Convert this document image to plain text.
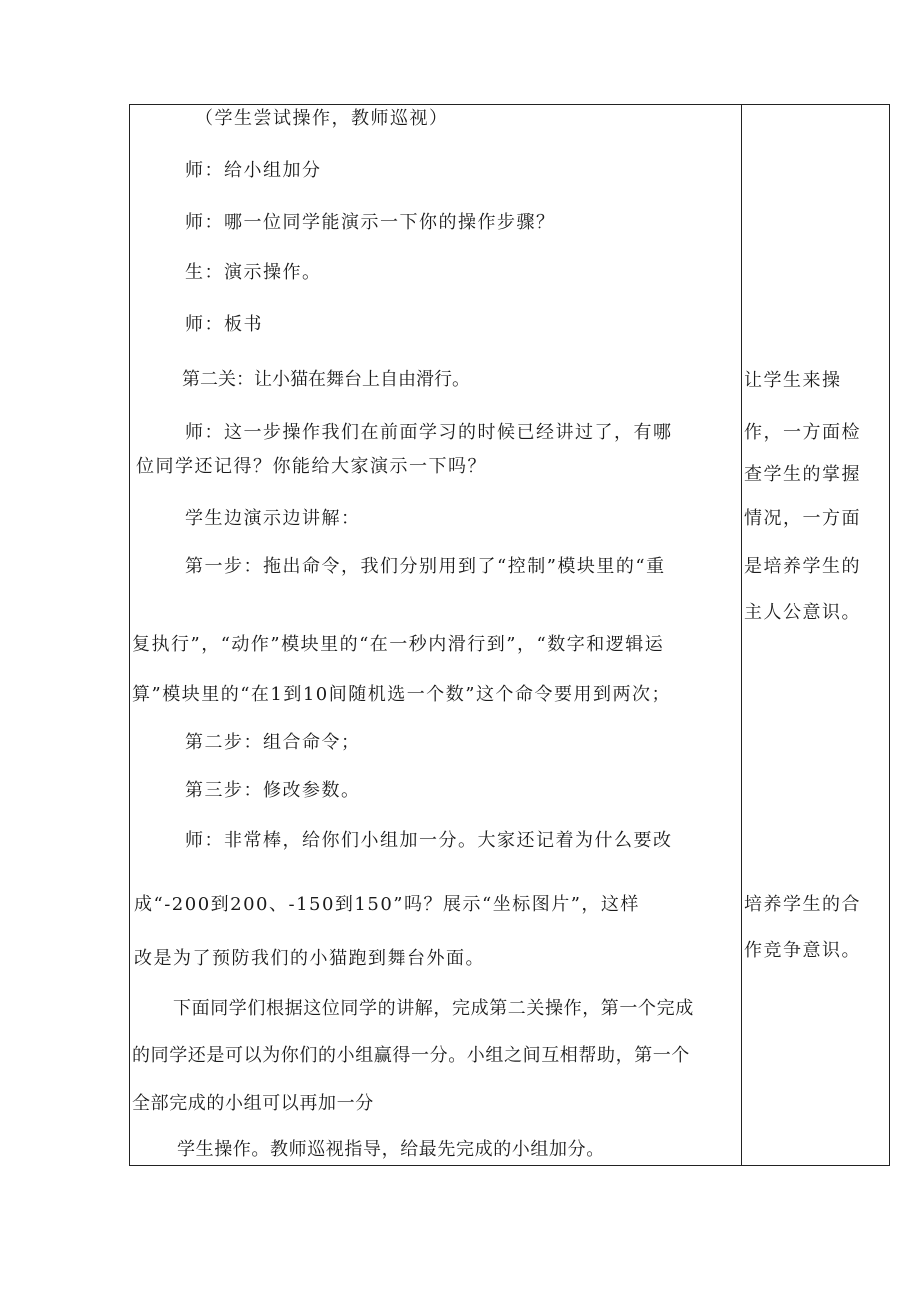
（学生尝试操作，教师巡视）
师：给小组加分
师：哪一位同学能演示一下你的操作步骤？
生：演示操作。
师：板书
第二关：让小猫在舞台上自由滑行。
师：这一步操作我们在前面学习的时候已经讲过了，有哪
位同学还记得？你能给大家演示一下吗？
学生边演示边讲解：
第一步：拖出命令，我们分别用到了“控制”模块里的“重
复执行”，“动作”模块里的“在一秒内滑行到”，“数字和逻辑运
算”模块里的“在1到10间随机选一个数”这个命令要用到两次；
第二步：组合命令；
第三步：修改参数。
师：非常棒，给你们小组加一分。大家还记着为什么要改
成“-200到200、-150到150”吗？展示“坐标图片”，这样
改是为了预防我们的小猫跑到舞台外面。
下面同学们根据这位同学的讲解，完成第二关操作，第一个完成
的同学还是可以为你们的小组赢得一分。小组之间互相帮助，第一个
全部完成的小组可以再加一分
学生操作。教师巡视指导，给最先完成的小组加分。
让学生来操
作，一方面检
查学生的掌握
情况，一方面
是培养学生的
主人公意识。
培养学生的合
作竞争意识。
